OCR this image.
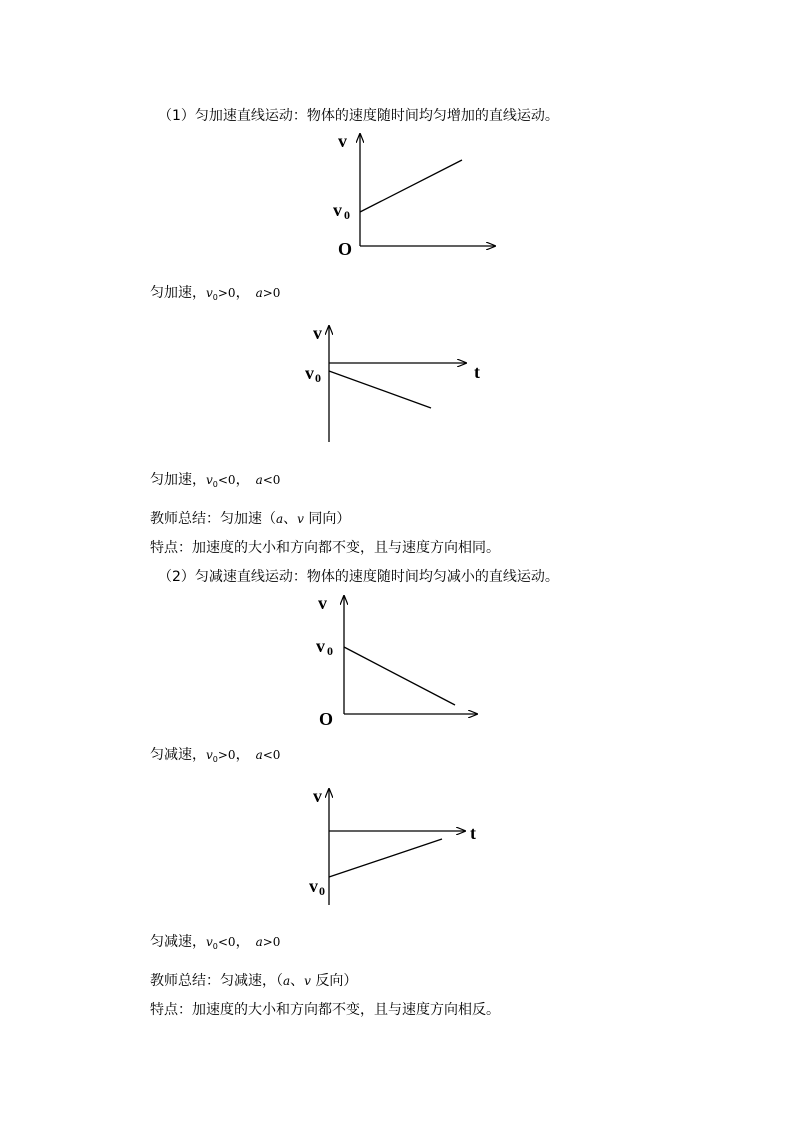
（1）匀加速直线运动：物体的速度随时间均匀增加的直线运动。
v
v 0
O
匀加速，$v_0>0$， a>0
v
t
v 0
匀加速，$v_0<0$， a<0
教师总结：匀加速（a、v 同向）
特点：加速度的大小和方向都不变，且与速度方向相同。
（2）匀减速直线运动：物体的速度随时间均匀减小的直线运动。
v
v 0
O
匀减速，$v_0>0$， a<0
v
t
v 0
匀减速，$v_0<0$， a>0
教师总结：匀减速，（a、v 反向）
特点：加速度的大小和方向都不变，且与速度方向相反。
